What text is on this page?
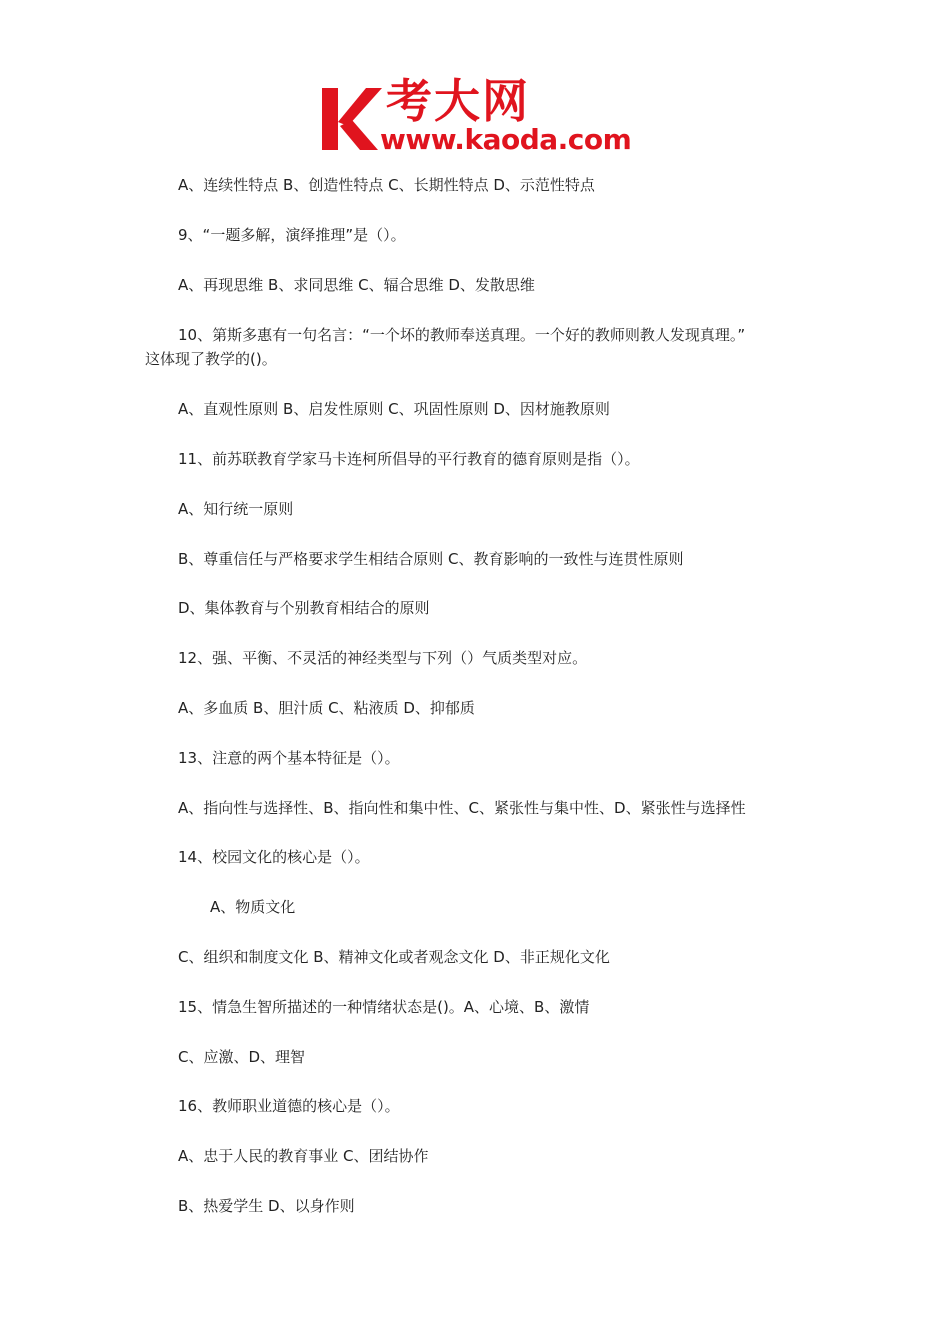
考大网
www.kaoda.com
A、连续性特点 B、创造性特点 C、长期性特点 D、示范性特点
9、“一题多解，演绎推理”是（）。
A、再现思维 B、求同思维 C、辐合思维 D、发散思维
10、第斯多惠有一句名言：“一个坏的教师奉送真理。一个好的教师则教人发现真理。”
这体现了教学的()。
A、直观性原则 B、启发性原则 C、巩固性原则 D、因材施教原则
11、前苏联教育学家马卡连柯所倡导的平行教育的德育原则是指（）。
A、知行统一原则
B、尊重信任与严格要求学生相结合原则 C、教育影响的一致性与连贯性原则
D、集体教育与个别教育相结合的原则
12、强、平衡、不灵活的神经类型与下列（）气质类型对应。
A、多血质 B、胆汁质 C、粘液质 D、抑郁质
13、注意的两个基本特征是（）。
A、指向性与选择性、B、指向性和集中性、C、紧张性与集中性、D、紧张性与选择性
14、校园文化的核心是（）。
A、物质文化
C、组织和制度文化 B、精神文化或者观念文化 D、非正规化文化
15、情急生智所描述的一种情绪状态是()。A、心境、B、激情
C、应激、D、理智
16、教师职业道德的核心是（）。
A、忠于人民的教育事业 C、团结协作
B、热爱学生 D、以身作则
